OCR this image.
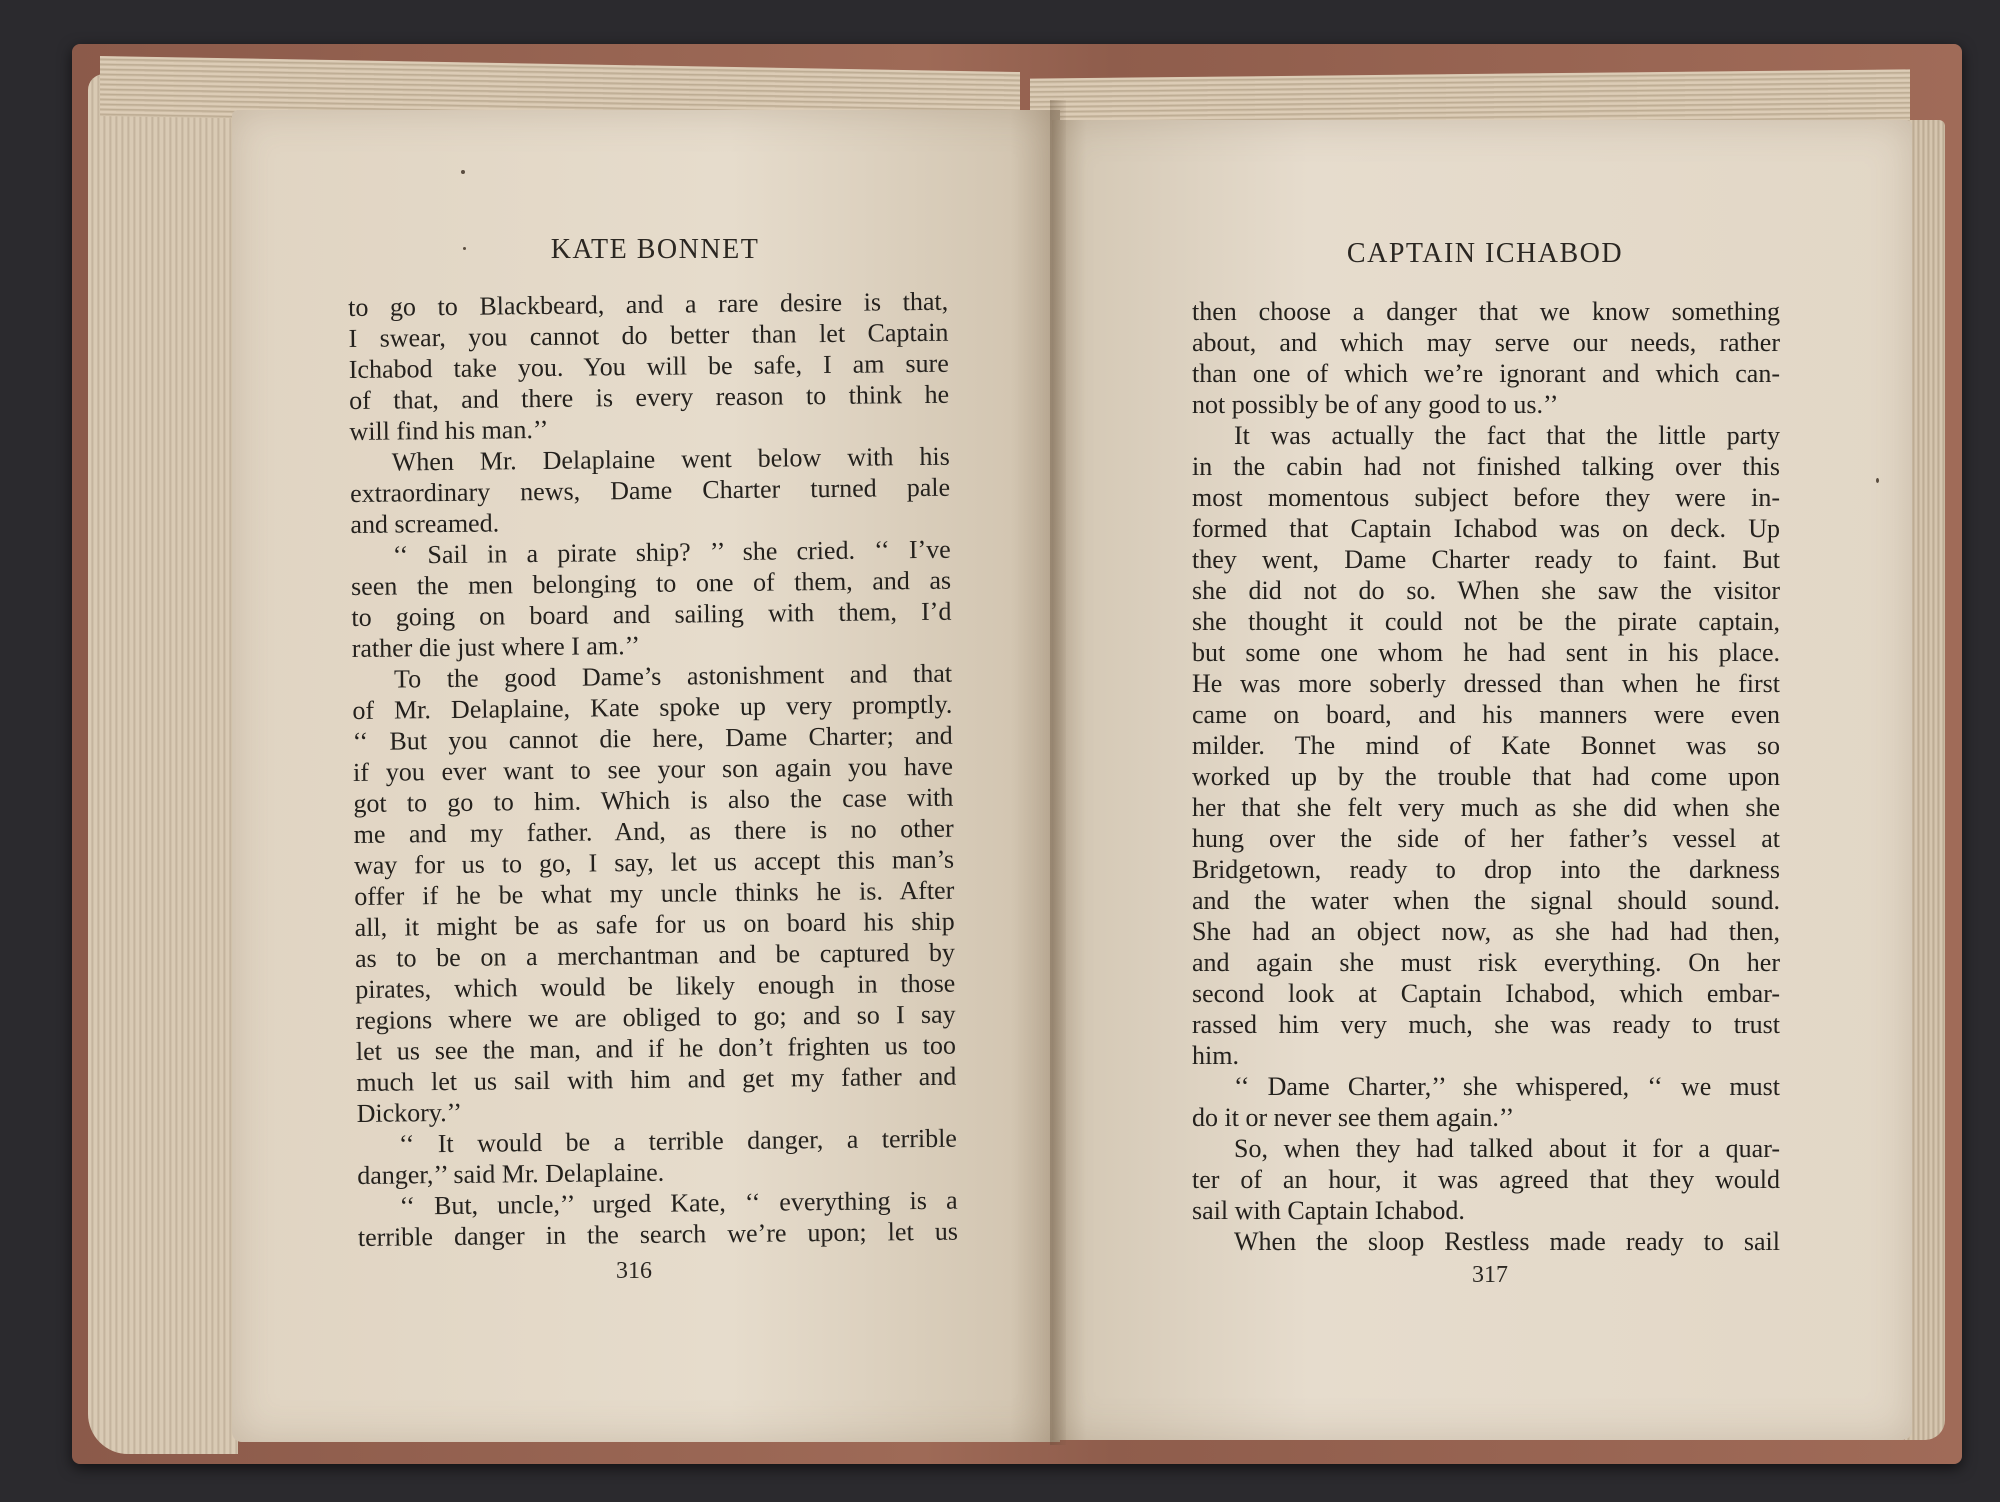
KATE BONNET	CAPTAIN ICHABOD
to go to Blackbeard, and a rare desire is that,
I swear, you cannot do better than let Captain
Ichabod take you. You will be safe, I am sure
of that, and there is every reason to think he
will find his man.’’
When Mr. Delaplaine went below with his
extraordinary news, Dame Charter turned pale
and screamed.
‘‘ Sail in a pirate ship? ’’ she cried. ‘‘ I’ve
seen the men belonging to one of them, and as
to going on board and sailing with them, I’d
rather die just where I am.’’
To the good Dame’s astonishment and that
of Mr. Delaplaine, Kate spoke up very promptly.
‘‘ But you cannot die here, Dame Charter; and
if you ever want to see your son again you have
got to go to him. Which is also the case with
me and my father. And, as there is no other
way for us to go, I say, let us accept this man’s
offer if he be what my uncle thinks he is. After
all, it might be as safe for us on board his ship
as to be on a merchantman and be captured by
pirates, which would be likely enough in those
regions where we are obliged to go; and so I say
let us see the man, and if he don’t frighten us too
much let us sail with him and get my father and
Dickory.’’
‘‘ It would be a terrible danger, a terrible
danger,’’ said Mr. Delaplaine.
‘‘ But, uncle,’’ urged Kate, ‘‘ everything is a
terrible danger in the search we’re upon; let us
then choose a danger that we know something
about, and which may serve our needs, rather
than one of which we’re ignorant and which can-
not possibly be of any good to us.’’
It was actually the fact that the little party
in the cabin had not finished talking over this
most momentous subject before they were in-
formed that Captain Ichabod was on deck. Up
they went, Dame Charter ready to faint. But
she did not do so. When she saw the visitor
she thought it could not be the pirate captain,
but some one whom he had sent in his place.
He was more soberly dressed than when he first
came on board, and his manners were even
milder. The mind of Kate Bonnet was so
worked up by the trouble that had come upon
her that she felt very much as she did when she
hung over the side of her father’s vessel at
Bridgetown, ready to drop into the darkness
and the water when the signal should sound.
She had an object now, as she had had then,
and again she must risk everything. On her
second look at Captain Ichabod, which embar-
rassed him very much, she was ready to trust
him.
‘‘ Dame Charter,’’ she whispered, ‘‘ we must
do it or never see them again.’’
So, when they had talked about it for a quar-
ter of an hour, it was agreed that they would
sail with Captain Ichabod.
When the sloop Restless made ready to sail
316	317
